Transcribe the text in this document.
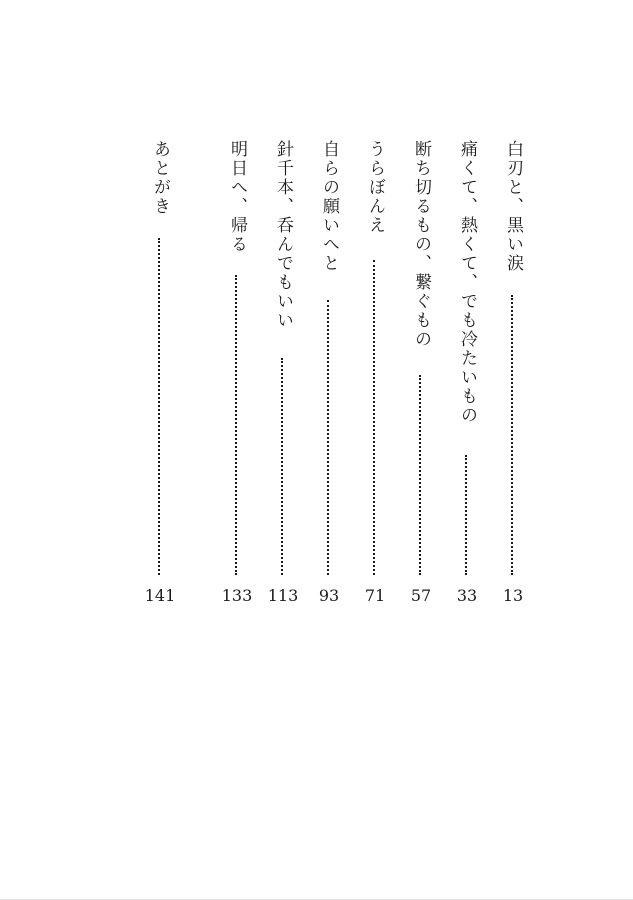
白刃と、黒い涙
13
痛くて、熱くて、でも冷たいもの
33
断ち切るもの、繋ぐもの
57
うらぼんえ
71
自らの願いへと
93
針千本、呑んでもいい
113
明日へ、帰る
133
あとがき
141
